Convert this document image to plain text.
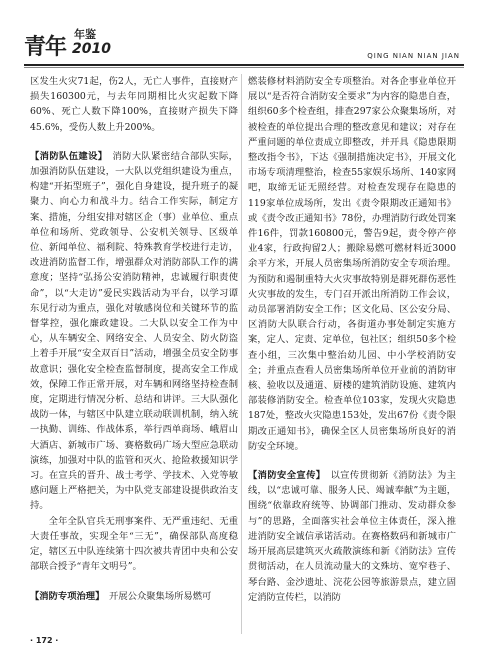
青年 年鉴
2010	QING NIAN NIAN JIAN

区发生火灾71起，伤2人，无亡人事件，直接财产损失160300元，与去年同期相比火灾起数下降60%、死亡人数下降100%，直接财产损失下降45.6%，受伤人数上升200%。

【消防队伍建设】　 消防大队紧密结合部队实际，加强消防队伍建设，一大队以党组织建设为重点，构建“开拓型班子”，强化自身建设，提升班子的凝聚力、向心力和战斗力。结合工作实际，制定方案、措施，分组安排对辖区企（事）业单位、重点单位和场所、党政领导、公安机关领导、区级单位、新闻单位、福利院、特殊教育学校进行走访，改进消防监督工作，增强群众对消防部队工作的满意度；坚持“弘扬公安消防精神，忠诚履行职责使命”，以“大走访”爱民实践活动为平台，以学习谭东见行动为重点，强化对敏感岗位和关键环节的监督掌控，强化廉政建设。二大队以安全工作为中心，从车辆安全、网络安全、人员安全、防火防盗上着手开展“安全双百日”活动，增强全员安全防事故意识；强化安全检查监督制度，提高安全工作成效，保障工作正常开展，对车辆和网络坚持检查制度，定期进行情况分析、总结和讲评。三大队强化战防一体，与辖区中队建立联动联训机制，纳入统一执勤、训练、作战体系，举行西单商场、峨眉山大酒店、新城市广场、赛格数码广场大型应急联动演练，加强对中队的监管和灭火、抢险救援知识学习。在宣兵的晋升、战士考学、学技术、入党等敏感问题上严格把关，为中队党支部建设提供政治支持。

全年全队官兵无刑事案件、无严重违纪、无重大责任事故，实现全年“三无”，确保部队高度稳定，辖区五中队连续第十四次被共青团中央和公安部联合授予“青年文明号”。

【消防专项治理】　 开展公众聚集场所易燃可

燃装修材料消防安全专项整治。对各企事业单位开展以“是否符合消防安全要求”为内容的隐患自查，组织60多个检查组，排查297家公众聚集场所，对被检查的单位提出合理的整改意见和建议；对存在严重问题的单位责成立即整改，并开具《隐患限期整改指令书》，下达《强制措施决定书》，开展文化市场专项清理整治，检查55家娱乐场所、140家网吧，取缔无证无照经营。对检查发现存在隐患的119家单位成场所，发出《责令限期改正通知书》或《责令改正通知书》78份，办理消防行政处罚案件16件，罚款160800元，警告9起，责令停产停业4家，行政拘留2人；搬除易燃可燃材料近3000余平方米，开展人员密集场所消防安全专项治理。为预防和遏制重特大火灾事故特别是群死群伤恶性火灾事故的发生，专门召开派出所消防工作会议，动员部署消防安全工作；区文化局、区公安分局、区消防大队联合行动，各街道办事处制定实施方案，定人、定责、定单位，包社区；组织50多个检查小组，三次集中整治幼儿园、中小学校消防安全；并重点查看人员密集场所单位开业前的消防审核、验收以及通道、厨楼的建筑消防设施、建筑内部装修消防安全。检查单位103家，发现火灾隐患187处，整改火灾隐患153处，发出67份《责令限期改正通知书》，确保全区人员密集场所良好的消防安全环境。

【消防安全宣传】　 以宣传贯彻新《消防法》为主线，以“忠诚可靠、服务人民、竭诚奉献”为主题，围绕“依靠政府统等、协调部门推动、发动群众参与”的思路，全面落实社会单位主体责任，深入推进消防安全诚信承诺活动。在赛格数码和新城市广场开展高层建筑灭火疏散演练和新《消防法》宣传贯彻活动，在人员流动量大的文殊坊、宽窄巷子、琴台路、金沙遗址、浣花公园等旅游景点，建立固定消防宣传栏，以消防

· 172 ·
